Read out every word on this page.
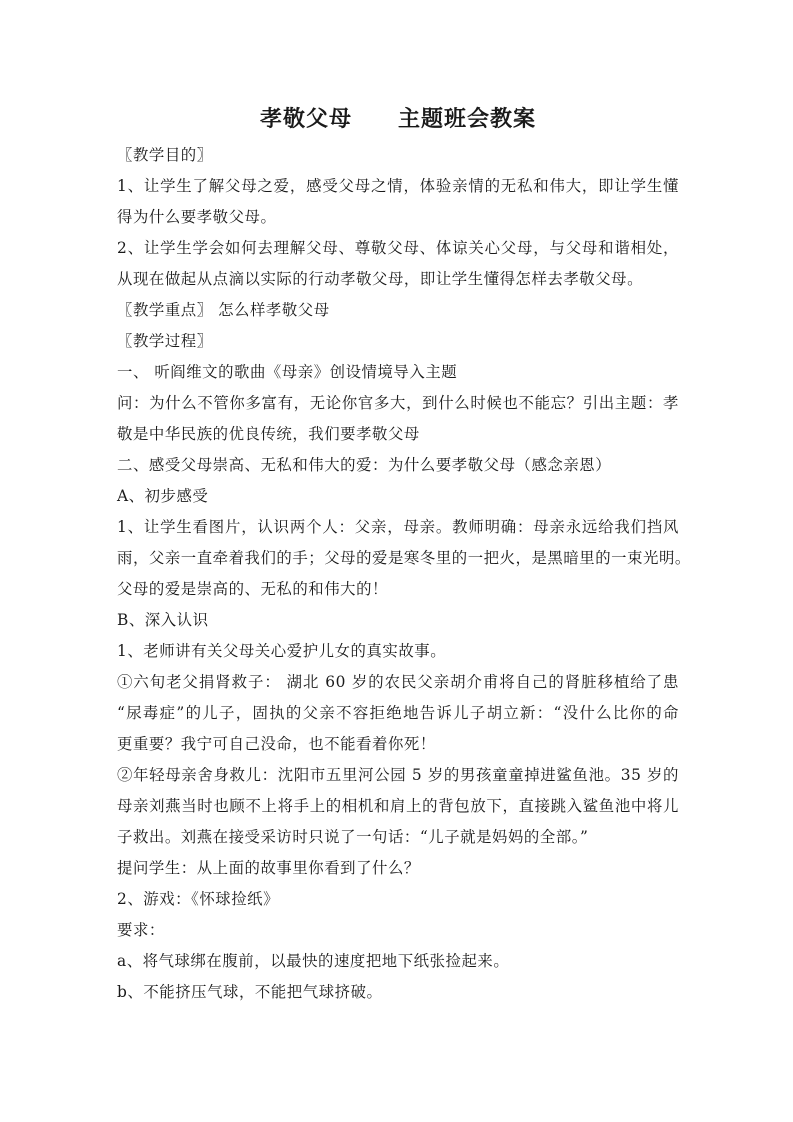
孝敬父母　　主题班会教案
〖教学目的〗
1、让学生了解父母之爱，感受父母之情，体验亲情的无私和伟大，即让学生懂
得为什么要孝敬父母。
2、让学生学会如何去理解父母、尊敬父母、体谅关心父母，与父母和谐相处，
从现在做起从点滴以实际的行动孝敬父母，即让学生懂得怎样去孝敬父母。
〖教学重点〗 怎么样孝敬父母
〖教学过程〗
一、 听阎维文的歌曲《母亲》创设情境导入主题
问：为什么不管你多富有，无论你官多大，到什么时候也不能忘？引出主题：孝
敬是中华民族的优良传统，我们要孝敬父母
二、感受父母崇高、无私和伟大的爱：为什么要孝敬父母（感念亲恩）
A、初步感受
1、让学生看图片，认识两个人：父亲，母亲。教师明确：母亲永远给我们挡风
雨，父亲一直牵着我们的手；父母的爱是寒冬里的一把火，是黑暗里的一束光明。
父母的爱是崇高的、无私的和伟大的！
B、深入认识
1、老师讲有关父母关心爱护儿女的真实故事。
①六旬老父捐肾救子： 湖北 60 岁的农民父亲胡介甫将自己的肾脏移植给了患
“尿毒症”的儿子，固执的父亲不容拒绝地告诉儿子胡立新：“没什么比你的命
更重要？我宁可自己没命，也不能看着你死！
②年轻母亲舍身救儿：沈阳市五里河公园 5 岁的男孩童童掉进鲨鱼池。35 岁的
母亲刘燕当时也顾不上将手上的相机和肩上的背包放下，直接跳入鲨鱼池中将儿
子救出。刘燕在接受采访时只说了一句话：“儿子就是妈妈的全部。”
提问学生：从上面的故事里你看到了什么？
2、游戏：《怀球捡纸》
要求：
a、将气球绑在腹前，以最快的速度把地下纸张捡起来。
b、不能挤压气球，不能把气球挤破。
